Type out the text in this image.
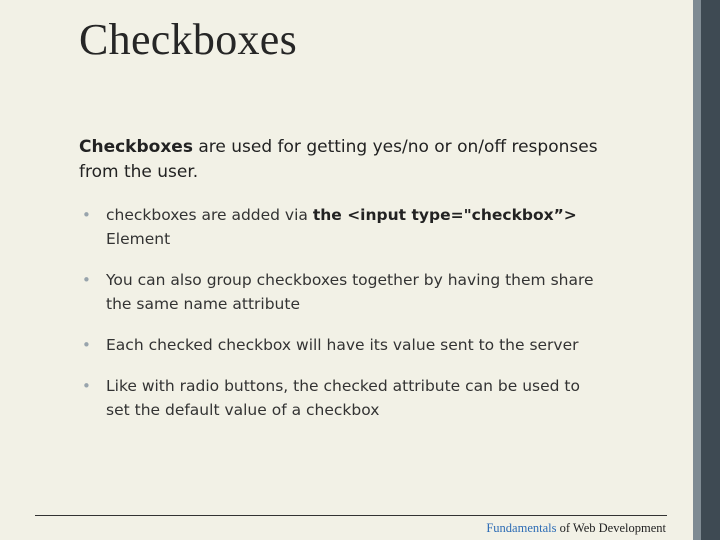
Checkboxes
Checkboxes are used for getting yes/no or on/off responses from the user.
• checkboxes are added via the <input type="checkbox”> Element
• You can also group checkboxes together by having them share the same name attribute
• Each checked checkbox will have its value sent to the server
• Like with radio buttons, the checked attribute can be used to set the default value of a checkbox
Fundamentals of Web Development
